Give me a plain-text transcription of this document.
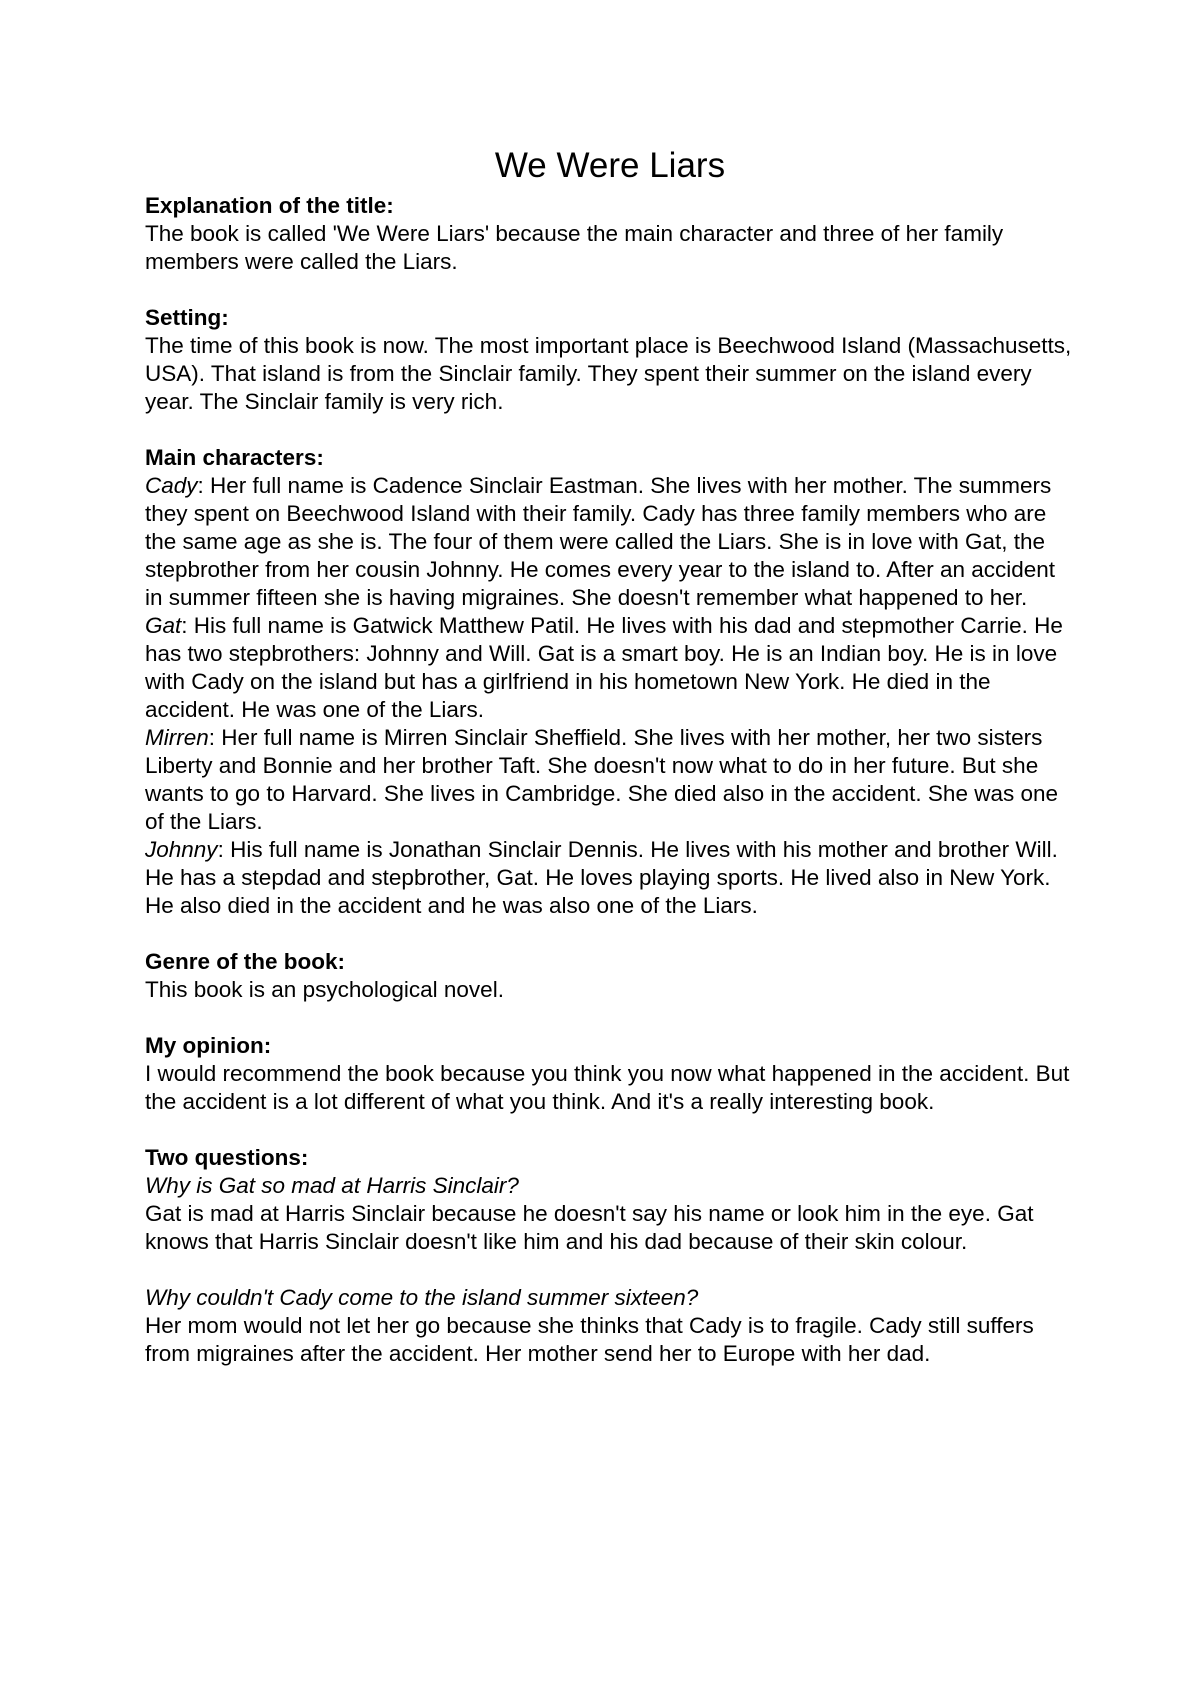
We Were Liars

Explanation of the title:

The book is called 'We Were Liars' because the main character and three of her family members were called the Liars.

Setting:

The time of this book is now. The most important place is Beechwood Island (Massachusetts, USA). That island is from the Sinclair family. They spent their summer on the island every year. The Sinclair family is very rich.

Main characters:

Cady: Her full name is Cadence Sinclair Eastman. She lives with her mother. The summers they spent on Beechwood Island with their family. Cady has three family members who are the same age as she is. The four of them were called the Liars. She is in love with Gat, the stepbrother from her cousin Johnny. He comes every year to the island to. After an accident in summer fifteen she is having migraines. She doesn't remember what happened to her.

Gat: His full name is Gatwick Matthew Patil. He lives with his dad and stepmother Carrie. He has two stepbrothers: Johnny and Will. Gat is a smart boy. He is an Indian boy. He is in love with Cady on the island but has a girlfriend in his hometown New York. He died in the accident. He was one of the Liars.

Mirren: Her full name is Mirren Sinclair Sheffield. She lives with her mother, her two sisters Liberty and Bonnie and her brother Taft. She doesn't now what to do in her future. But she wants to go to Harvard. She lives in Cambridge. She died also in the accident. She was one of the Liars.

Johnny: His full name is Jonathan Sinclair Dennis. He lives with his mother and brother Will. He has a stepdad and stepbrother, Gat. He loves playing sports. He lived also in New York. He also died in the accident and he was also one of the Liars.

Genre of the book:

This book is an psychological novel.

My opinion:

I would recommend the book because you think you now what happened in the accident. But the accident is a lot different of what you think. And it's a really interesting book.

Two questions:

Why is Gat so mad at Harris Sinclair?

Gat is mad at Harris Sinclair because he doesn't say his name or look him in the eye. Gat knows that Harris Sinclair doesn't like him and his dad because of their skin colour.

Why couldn't Cady come to the island summer sixteen?

Her mom would not let her go because she thinks that Cady is to fragile. Cady still suffers from migraines after the accident. Her mother send her to Europe with her dad.
